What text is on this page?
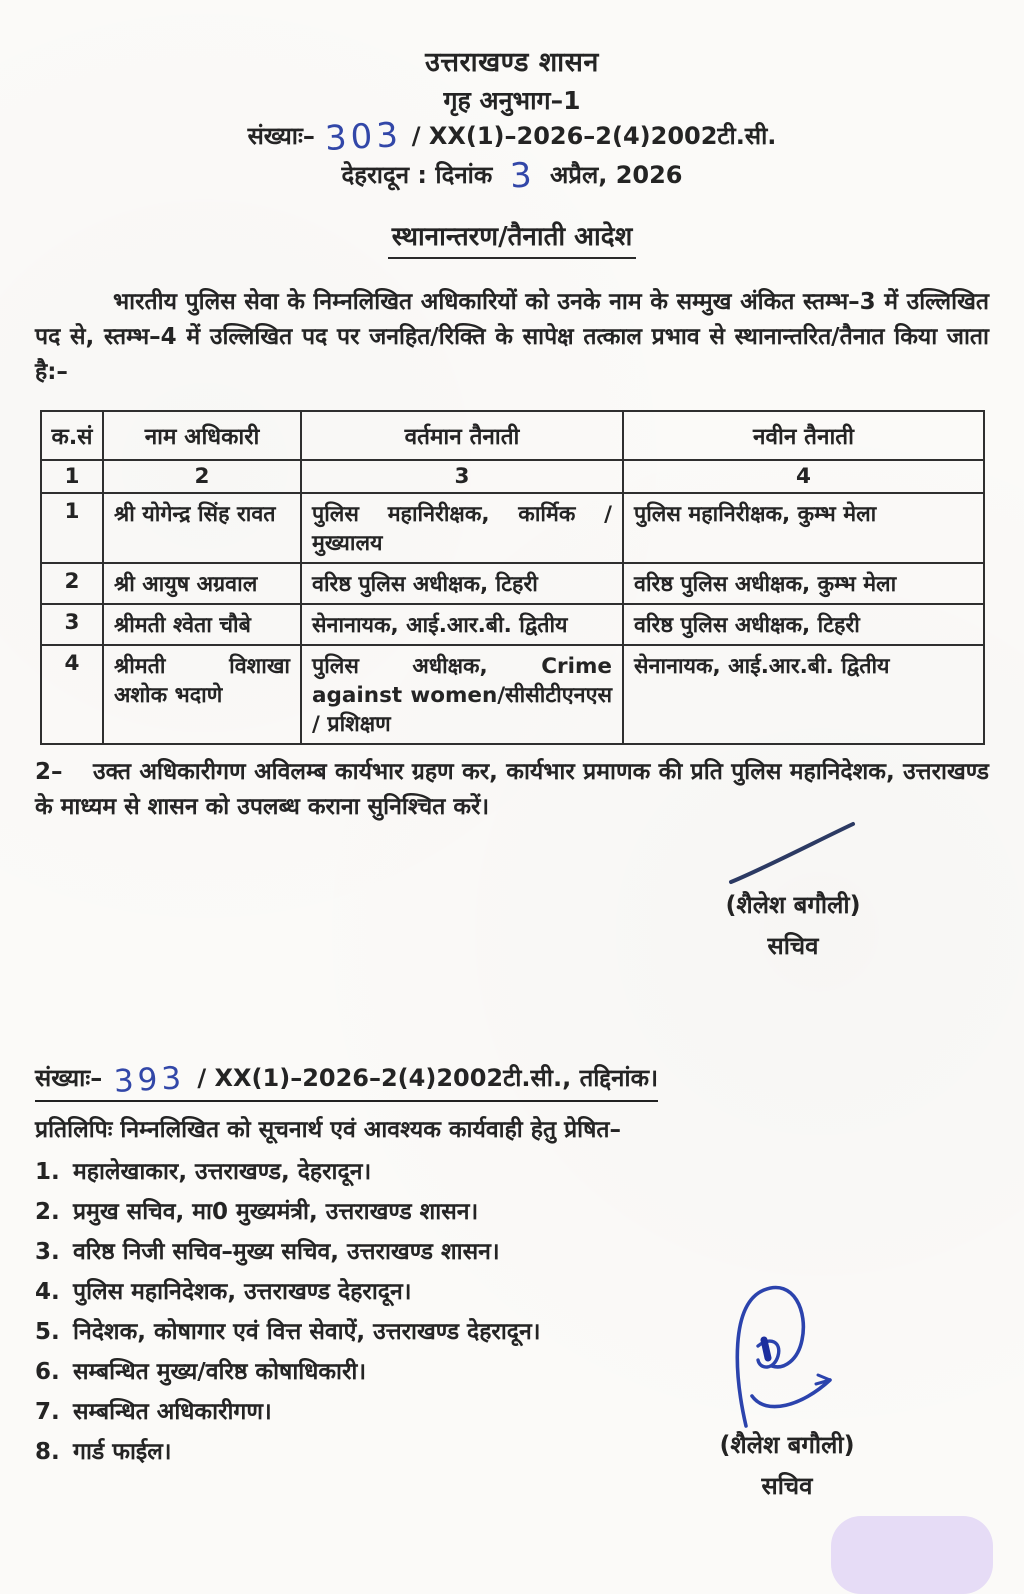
उत्तराखण्ड शासन
गृह अनुभाग–1
संख्याः– 303 / XX(1)–2026–2(4)2002टी.सी.
देहरादून : दिनांक 3 अप्रैल, 2026
स्थानान्तरण/तैनाती आदेश
भारतीय पुलिस सेवा के निम्नलिखित अधिकारियों को उनके नाम के सम्मुख अंकित स्तम्भ–3 में उल्लिखित पद से, स्तम्भ–4 में उल्लिखित पद पर जनहित/रिक्ति के सापेक्ष तत्काल प्रभाव से स्थानान्तरित/तैनात किया जाता है:–
क.सं	नाम अधिकारी	वर्तमान तैनाती	नवीन तैनाती
1	2	3	4
1	श्री योगेन्द्र सिंह रावत	पुलिस महानिरीक्षक, कार्मिक / मुख्यालय	पुलिस महानिरीक्षक, कुम्भ मेला
2	श्री आयुष अग्रवाल	वरिष्ठ पुलिस अधीक्षक, टिहरी	वरिष्ठ पुलिस अधीक्षक, कुम्भ मेला
3	श्रीमती श्वेता चौबे	सेनानायक, आई.आर.बी. द्वितीय	वरिष्ठ पुलिस अधीक्षक, टिहरी
4	श्रीमती विशाखा अशोक भदाणे	पुलिस अधीक्षक, Crime against women/सीसीटीएनएस / प्रशिक्षण	सेनानायक, आई.आर.बी. द्वितीय
2– उक्त अधिकारीगण अविलम्ब कार्यभार ग्रहण कर, कार्यभार प्रमाणक की प्रति पुलिस महानिदेशक, उत्तराखण्ड के माध्यम से शासन को उपलब्ध कराना सुनिश्चित करें।
(शैलेश बगौली)
सचिव
संख्याः– 393 / XX(1)–2026–2(4)2002टी.सी., तद्दिनांक।
प्रतिलिपिः निम्नलिखित को सूचनार्थ एवं आवश्यक कार्यवाही हेतु प्रेषित–
1. महालेखाकार, उत्तराखण्ड, देहरादून।
2. प्रमुख सचिव, मा0 मुख्यमंत्री, उत्तराखण्ड शासन।
3. वरिष्ठ निजी सचिव–मुख्य सचिव, उत्तराखण्ड शासन।
4. पुलिस महानिदेशक, उत्तराखण्ड देहरादून।
5. निदेशक, कोषागार एवं वित्त सेवाऐं, उत्तराखण्ड देहरादून।
6. सम्बन्धित मुख्य/वरिष्ठ कोषाधिकारी।
7. सम्बन्धित अधिकारीगण।
8. गार्ड फाईल।	(शैलेश बगौली)
सचिव
